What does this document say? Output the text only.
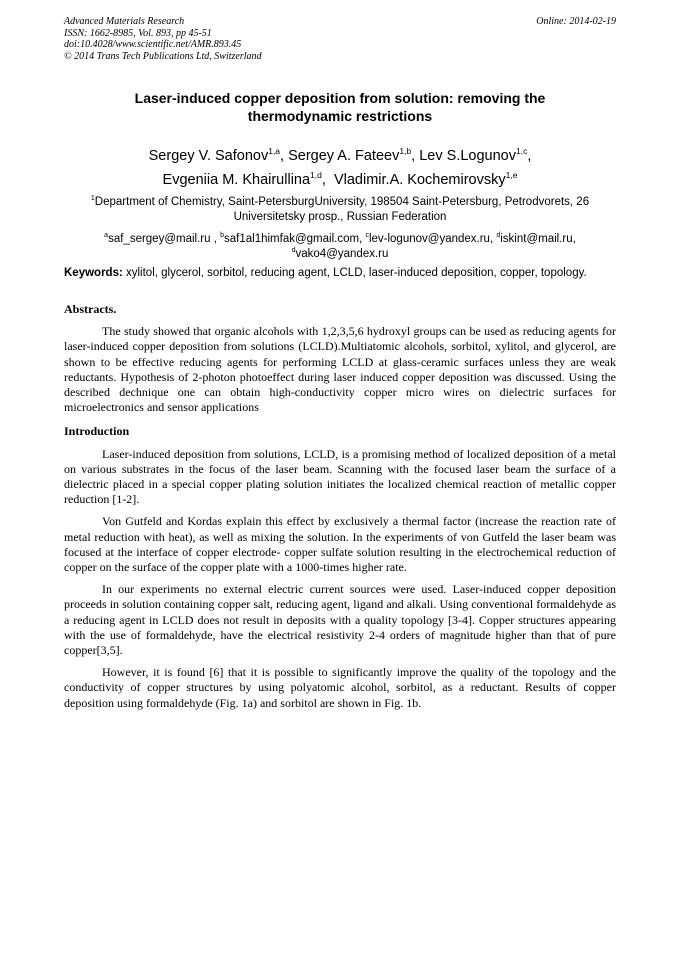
Advanced Materials Research	Online: 2014-02-19
ISSN: 1662-8985, Vol. 893, pp 45-51
doi:10.4028/www.scientific.net/AMR.893.45
© 2014 Trans Tech Publications Ltd, Switzerland
Laser-induced copper deposition from solution: removing the
thermodynamic restrictions
Sergey V. Safonov$^{1,a}$, Sergey A. Fateev$^{1,b}$, Lev S.Logunov$^{1,c}$,
Evgeniia M. Khairullina$^{1,d}$,  Vladimir.A. Kochemirovsky$^{1,e}$
$^1$Department of Chemistry, Saint-PetersburgUniversity, 198504 Saint-Petersburg, Petrodvorets, 26
Universitetsky prosp., Russian Federation
$^a$saf_sergey@mail.ru , $^b$saf1al1himfak@gmail.com, $^c$lev-logunov@yandex.ru, $^d$iskint@mail.ru,
$^d$vako4@yandex.ru
Keywords: xylitol, glycerol, sorbitol, reducing agent, LCLD, laser-induced deposition, copper, topology.
Abstracts.

The study showed that organic alcohols with 1,2,3,5,6 hydroxyl groups can be used as reducing agents for laser-induced copper deposition from solutions (LCLD).Multiatomic alcohols, sorbitol, xylitol, and glycerol, are shown to be effective reducing agents for performing LCLD at glass-ceramic surfaces unless they are weak reductants. Hypothesis of 2-photon photoeffect during laser induced copper deposition was discussed. Using the described dechnique one can obtain high-conductivity copper micro wires on dielectric surfaces for microelectronics and sensor applications

Introduction

Laser-induced deposition from solutions, LCLD, is a promising method of localized deposition of a metal on various substrates in the focus of the laser beam. Scanning with the focused laser beam the surface of a dielectric placed in a special copper plating solution initiates the localized chemical reaction of metallic copper reduction [1-2].

Von Gutfeld and Kordas explain this effect by exclusively a thermal factor (increase the reaction rate of metal reduction with heat), as well as mixing the solution. In the experiments of von Gutfeld the laser beam was focused at the interface of copper electrode- copper sulfate solution resulting in the electrochemical reduction of copper on the surface of the copper plate with a 1000-times higher rate.

In our experiments no external electric current sources were used. Laser-induced copper deposition proceeds in solution containing copper salt, reducing agent, ligand and alkali. Using conventional formaldehyde as a reducing agent in LCLD does not result in deposits with a quality topology [3-4]. Copper structures appearing with the use of formaldehyde, have the electrical resistivity 2-4 orders of magnitude higher than that of pure copper[3,5].

However, it is found [6] that it is possible to significantly improve the quality of the topology and the conductivity of copper structures by using polyatomic alcohol, sorbitol, as a reductant. Results of copper deposition using formaldehyde (Fig. 1a) and sorbitol are shown in Fig. 1b.
